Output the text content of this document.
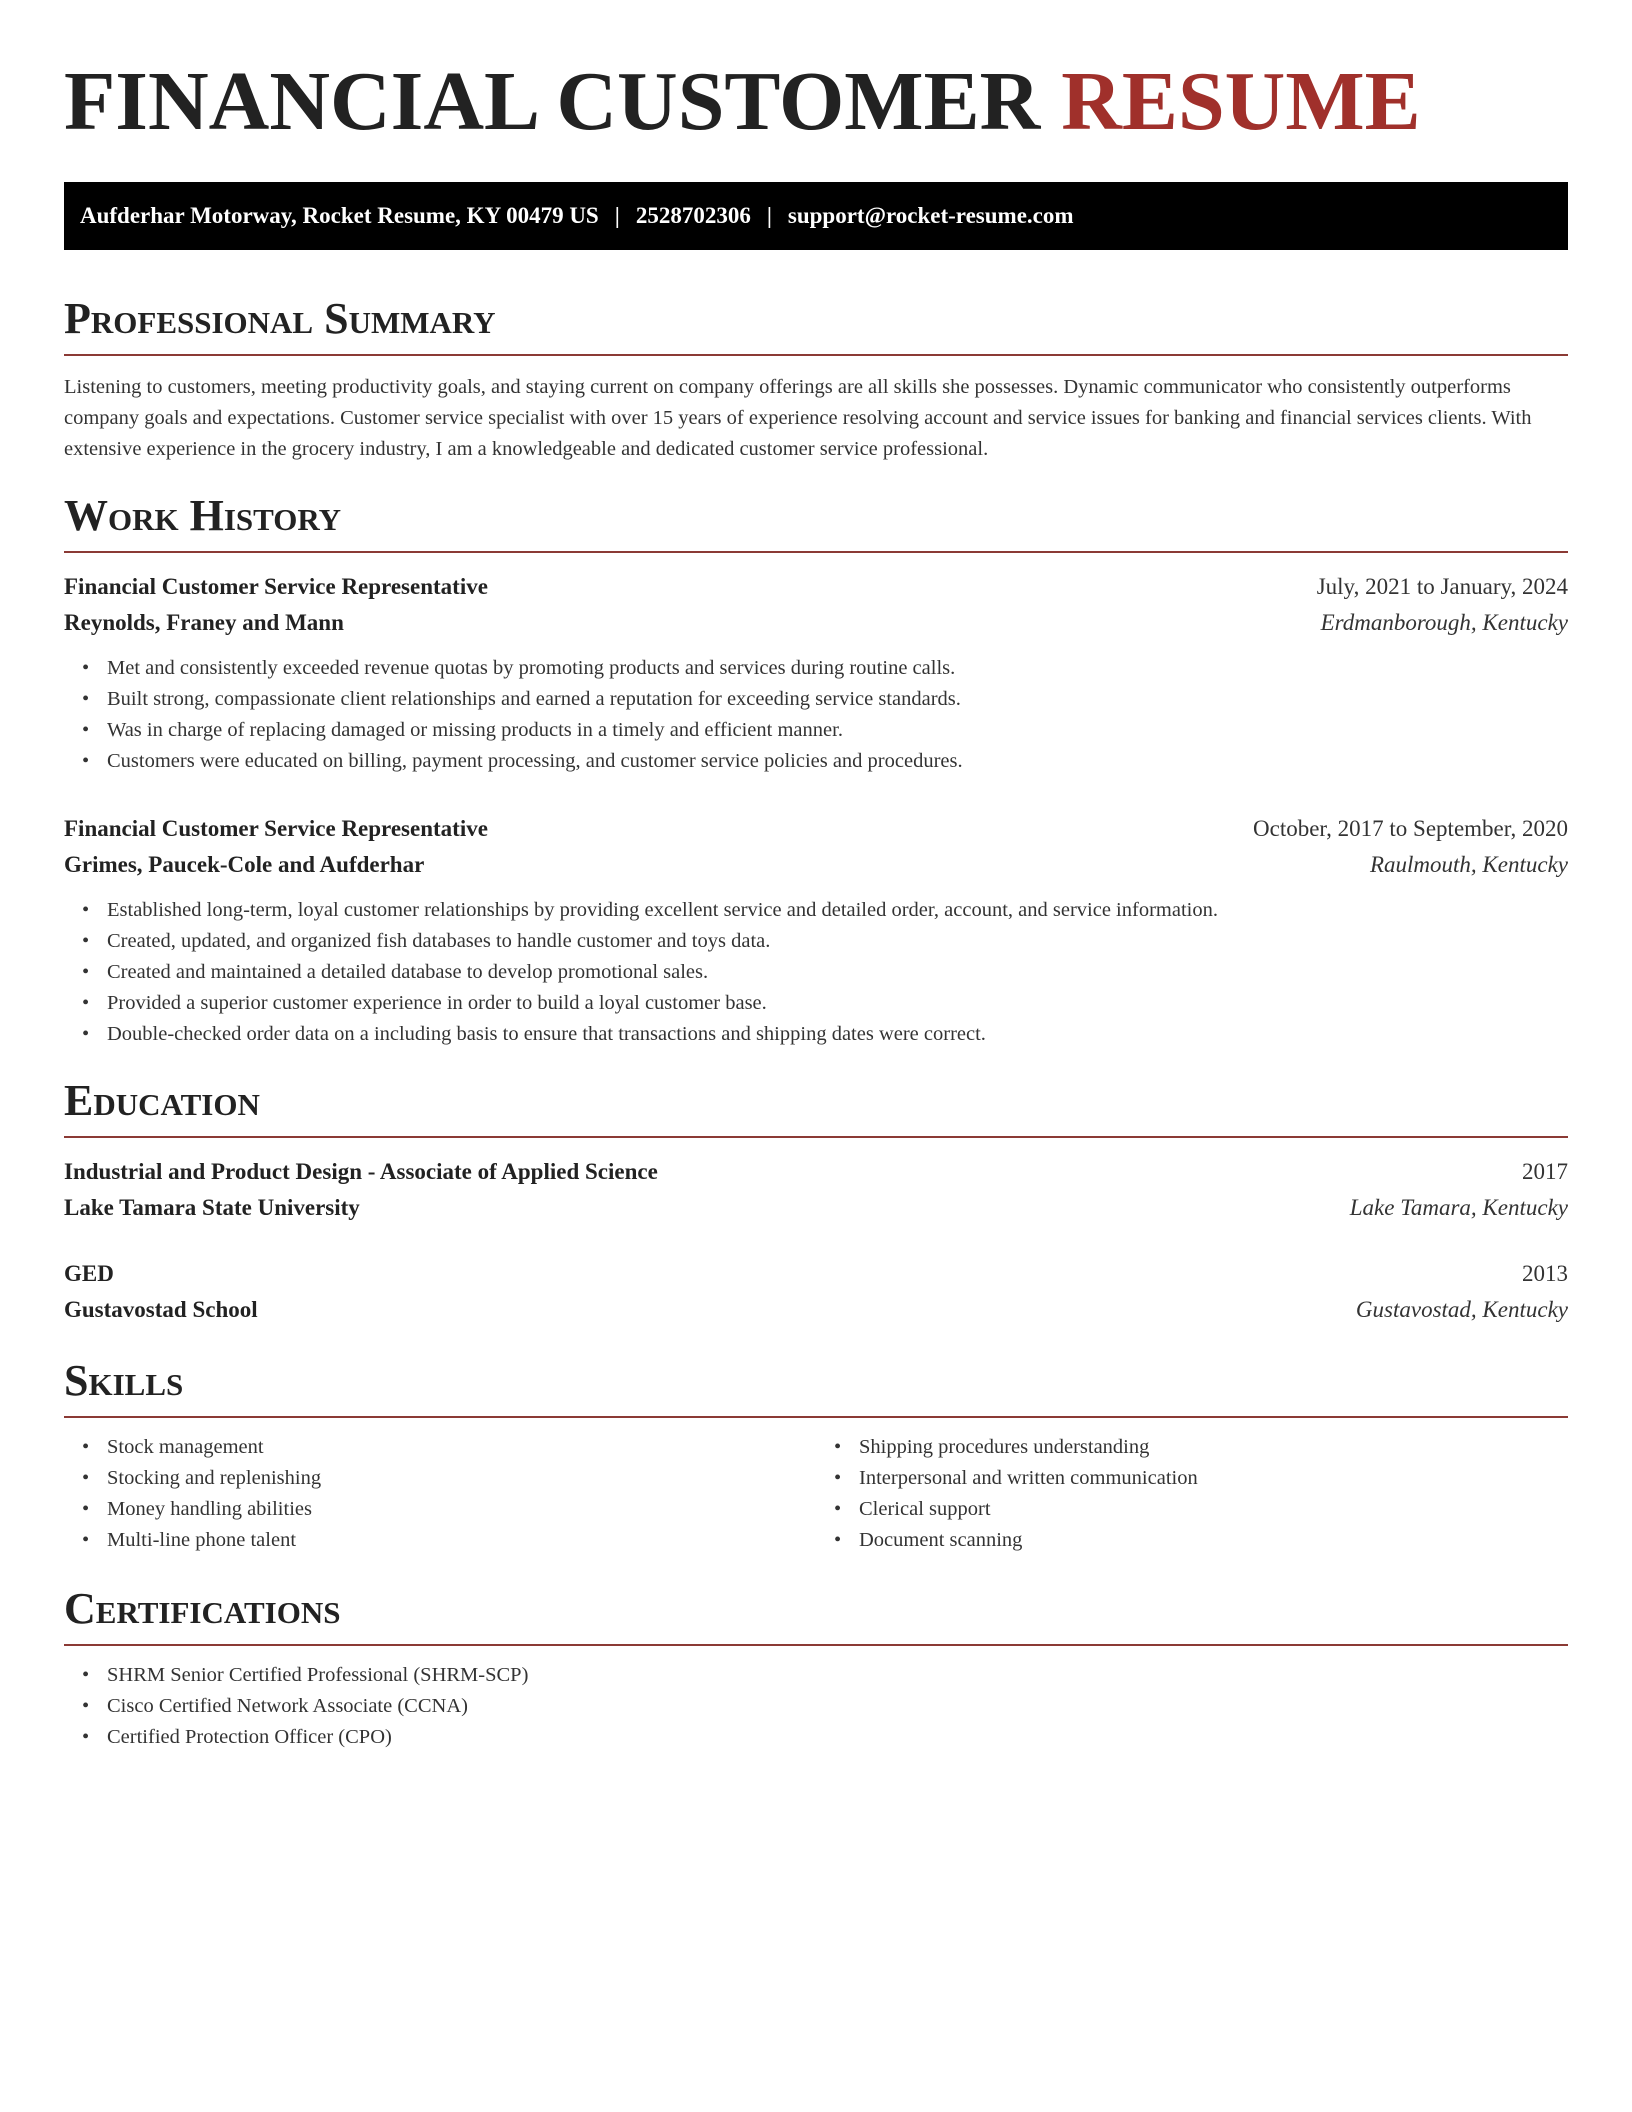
FINANCIAL CUSTOMER RESUME
Aufderhar Motorway, Rocket Resume, KY 00479 US | 2528702306 | support@rocket-resume.com
Professional Summary

Listening to customers, meeting productivity goals, and staying current on company offerings are all skills she possesses. Dynamic communicator who consistently outperforms company goals and expectations. Customer service specialist with over 15 years of experience resolving account and service issues for banking and financial services clients. With extensive experience in the grocery industry, I am a knowledgeable and dedicated customer service professional.

Work History
Financial Customer Service Representative	July, 2021 to January, 2024
Reynolds, Franey and Mann	Erdmanborough, Kentucky
• Met and consistently exceeded revenue quotas by promoting products and services during routine calls.
• Built strong, compassionate client relationships and earned a reputation for exceeding service standards.
• Was in charge of replacing damaged or missing products in a timely and efficient manner.
• Customers were educated on billing, payment processing, and customer service policies and procedures.
Financial Customer Service Representative	October, 2017 to September, 2020
Grimes, Paucek-Cole and Aufderhar	Raulmouth, Kentucky
• Established long-term, loyal customer relationships by providing excellent service and detailed order, account, and service information.
• Created, updated, and organized fish databases to handle customer and toys data.
• Created and maintained a detailed database to develop promotional sales.
• Provided a superior customer experience in order to build a loyal customer base.
• Double-checked order data on a including basis to ensure that transactions and shipping dates were correct.
Education
Industrial and Product Design - Associate of Applied Science	2017
Lake Tamara State University	Lake Tamara, Kentucky
GED	2013
Gustavostad School	Gustavostad, Kentucky
Skills
• Stock management
• Stocking and replenishing
• Money handling abilities
• Multi-line phone talent
• Shipping procedures understanding
• Interpersonal and written communication
• Clerical support
• Document scanning
Certifications
• SHRM Senior Certified Professional (SHRM-SCP)
• Cisco Certified Network Associate (CCNA)
• Certified Protection Officer (CPO)
